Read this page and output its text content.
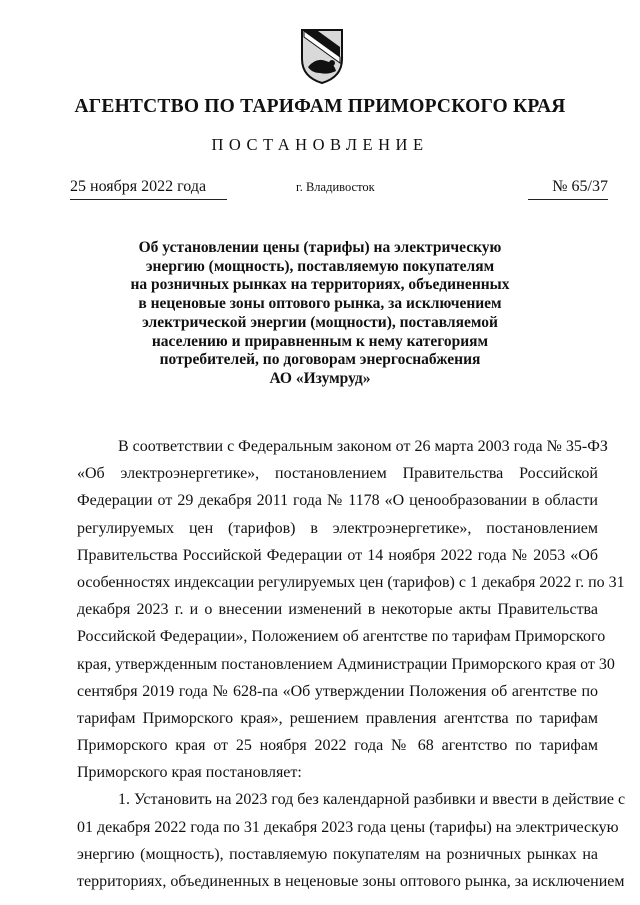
АГЕНТСТВО ПО ТАРИФАМ ПРИМОРСКОГО КРАЯ
ПОСТАНОВЛЕНИЕ
25 ноября 2022 года	г. Владивосток	№ 65/37
Об установлении цены (тарифы) на электрическую
энергию (мощность), поставляемую покупателям
на розничных рынках на территориях, объединенных
в неценовые зоны оптового рынка, за исключением
электрической энергии (мощности), поставляемой
населению и приравненным к нему категориям
потребителей, по договорам энергоснабжения
АО «Изумруд»
В соответствии с Федеральным законом от 26 марта 2003 года № 35-ФЗ
«Об электроэнергетике», постановлением Правительства Российской
Федерации от 29 декабря 2011 года № 1178 «О ценообразовании в области
регулируемых цен (тарифов) в электроэнергетике», постановлением
Правительства Российской Федерации от 14 ноября 2022 года № 2053 «Об
особенностях индексации регулируемых цен (тарифов) с 1 декабря 2022 г. по 31
декабря 2023 г. и о внесении изменений в некоторые акты Правительства
Российской Федерации», Положением об агентстве по тарифам Приморского
края, утвержденным постановлением Администрации Приморского края от 30
сентября 2019 года № 628-па «Об утверждении Положения об агентстве по
тарифам Приморского края», решением правления агентства по тарифам
Приморского края от 25 ноября 2022 года № 68 агентство по тарифам
Приморского края постановляет:
1. Установить на 2023 год без календарной разбивки и ввести в действие с
01 декабря 2022 года по 31 декабря 2023 года цены (тарифы) на электрическую
энергию (мощность), поставляемую покупателям на розничных рынках на
территориях, объединенных в неценовые зоны оптового рынка, за исключением
